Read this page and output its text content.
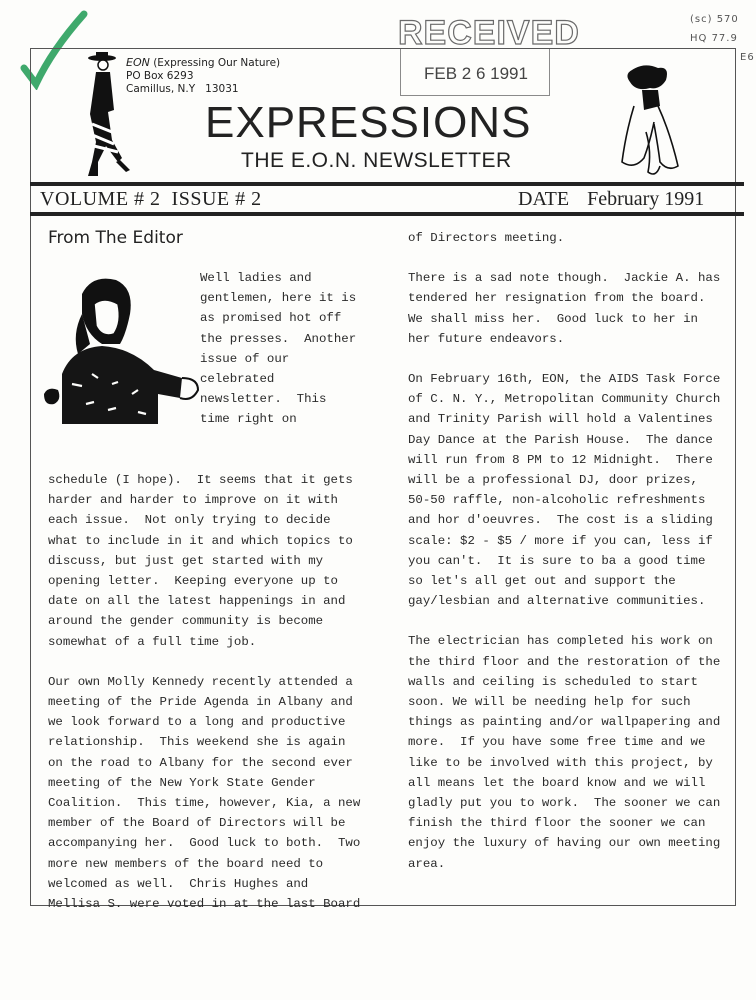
RECEIVED
FEB 2 6 1991
(sc) 570
HQ 77.9
E6
EON (Expressing Our Nature)
PO Box 6293
Camillus, N.Y   13031
EXPRESSIONS
THE E.O.N. NEWSLETTER
VOLUME # 2  ISSUE # 2	DATE February 1991
From The Editor
Well ladies and
gentlemen, here it is
as promised hot off
the presses.  Another
issue of our
celebrated
newsletter.  This
time right on
schedule (I hope).  It seems that it gets
harder and harder to improve on it with
each issue.  Not only trying to decide
what to include in it and which topics to
discuss, but just get started with my
opening letter.  Keeping everyone up to
date on all the latest happenings in and
around the gender community is become
somewhat of a full time job.
Our own Molly Kennedy recently attended a
meeting of the Pride Agenda in Albany and
we look forward to a long and productive
relationship.  This weekend she is again
on the road to Albany for the second ever
meeting of the New York State Gender
Coalition.  This time, however, Kia, a new
member of the Board of Directors will be
accompanying her.  Good luck to both.  Two
more new members of the board need to
welcomed as well.  Chris Hughes and
Mellisa S. were voted in at the last Board
of Directors meeting.
There is a sad note though.  Jackie A. has
tendered her resignation from the board.
We shall miss her.  Good luck to her in
her future endeavors.
On February 16th, EON, the AIDS Task Force
of C. N. Y., Metropolitan Community Church
and Trinity Parish will hold a Valentines
Day Dance at the Parish House.  The dance
will run from 8 PM to 12 Midnight.  There
will be a professional DJ, door prizes,
50-50 raffle, non-alcoholic refreshments
and hor d'oeuvres.  The cost is a sliding
scale: $2 - $5 / more if you can, less if
you can't.  It is sure to ba a good time
so let's all get out and support the
gay/lesbian and alternative communities.
The electrician has completed his work on
the third floor and the restoration of the
walls and ceiling is scheduled to start
soon. We will be needing help for such
things as painting and/or wallpapering and
more.  If you have some free time and we
like to be involved with this project, by
all means let the board know and we will
gladly put you to work.  The sooner we can
finish the third floor the sooner we can
enjoy the luxury of having our own meeting
area.
